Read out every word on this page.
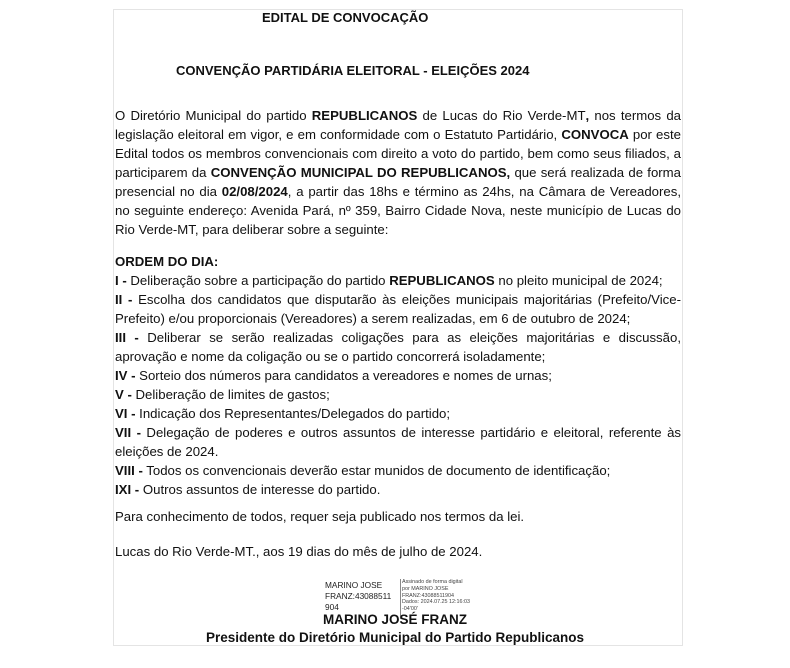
EDITAL DE CONVOCAÇÃO
CONVENÇÃO PARTIDÁRIA ELEITORAL - ELEIÇÕES 2024
O Diretório Municipal do partido REPUBLICANOS de Lucas do Rio Verde-MT, nos termos da legislação eleitoral em vigor, e em conformidade com o Estatuto Partidário, CONVOCA por este Edital todos os membros convencionais com direito a voto do partido, bem como seus filiados, a participarem da CONVENÇÃO MUNICIPAL DO REPUBLICANOS, que será realizada de forma presencial no dia 02/08/2024, a partir das 18hs e término as 24hs, na Câmara de Vereadores, no seguinte endereço: Avenida Pará, nº 359, Bairro Cidade Nova, neste município de Lucas do Rio Verde-MT, para deliberar sobre a seguinte:
ORDEM DO DIA:
I - Deliberação sobre a participação do partido REPUBLICANOS no pleito municipal de 2024;
II - Escolha dos candidatos que disputarão às eleições municipais majoritárias (Prefeito/Vice-Prefeito) e/ou proporcionais (Vereadores) a serem realizadas, em 6 de outubro de 2024;
III - Deliberar se serão realizadas coligações para as eleições majoritárias e discussão, aprovação e nome da coligação ou se o partido concorrerá isoladamente;
IV - Sorteio dos números para candidatos a vereadores e nomes de urnas;
V - Deliberação de limites de gastos;
VI - Indicação dos Representantes/Delegados do partido;
VII - Delegação de poderes e outros assuntos de interesse partidário e eleitoral, referente às eleições de 2024.
VIII - Todos os convencionais deverão estar munidos de documento de identificação;
IXI - Outros assuntos de interesse do partido.
Para conhecimento de todos, requer seja publicado nos termos da lei.
Lucas do Rio Verde-MT., aos 19 dias do mês de julho de 2024.
MARINO JOSE
FRANZ:43088511
904
Assinado de forma digital
por MARINO JOSE
FRANZ:43088511904
Dados: 2024.07.25 12:16:03
-04'00'
MARINO JOSÉ FRANZ
Presidente do Diretório Municipal do Partido Republicanos
